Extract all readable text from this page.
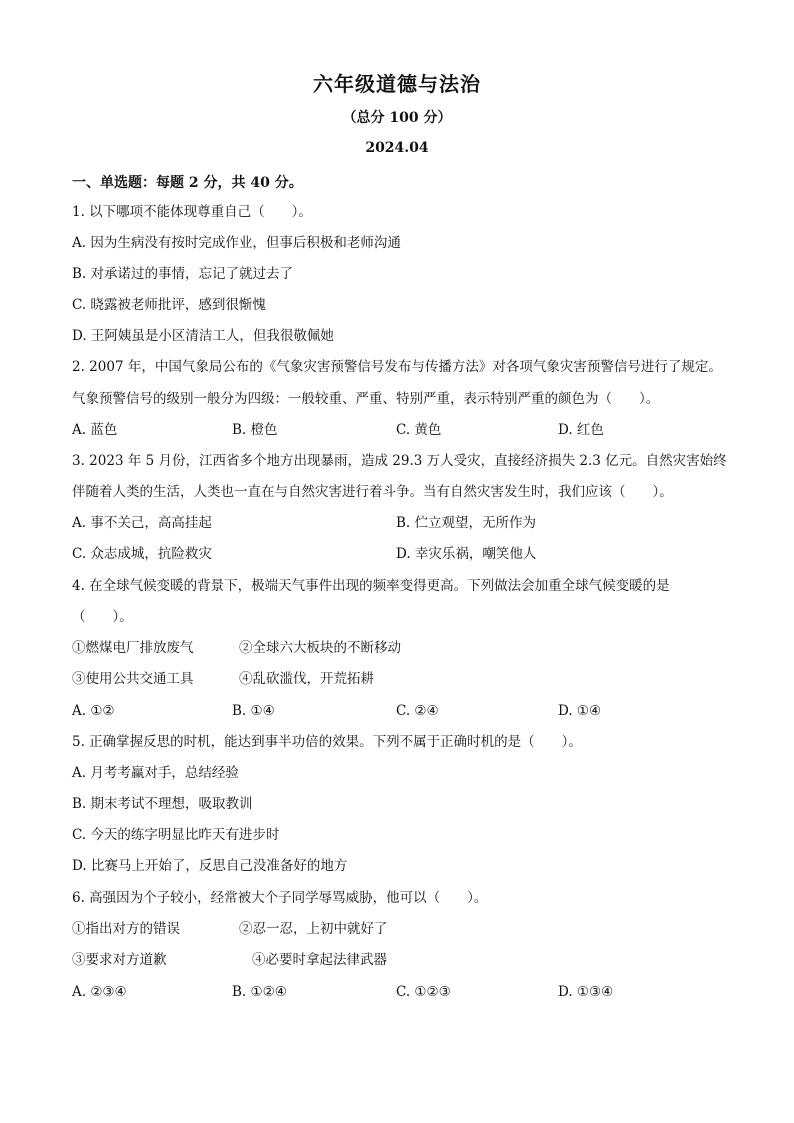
六年级道德与法治
（总分 100 分）
2024.04
一、单选题：每题 2 分，共 40 分。
1. 以下哪项不能体现尊重自己（　　）。
A. 因为生病没有按时完成作业，但事后积极和老师沟通
B. 对承诺过的事情，忘记了就过去了
C. 晓露被老师批评，感到很惭愧
D. 王阿姨虽是小区清洁工人，但我很敬佩她
2. 2007 年，中国气象局公布的《气象灾害预警信号发布与传播方法》对各项气象灾害预警信号进行了规定。
气象预警信号的级别一般分为四级：一般较重、严重、特别严重，表示特别严重的颜色为（　　）。
A. 蓝色	B. 橙色	C. 黄色	D. 红色
3. 2023 年 5 月份，江西省多个地方出现暴雨，造成 29.3 万人受灾，直接经济损失 2.3 亿元。自然灾害始终
伴随着人类的生活，人类也一直在与自然灾害进行着斗争。当有自然灾害发生时，我们应该（　　）。
A. 事不关己，高高挂起	B. 伫立观望，无所作为
C. 众志成城，抗险救灾	D. 幸灾乐祸，嘲笑他人
4. 在全球气候变暖的背景下，极端天气事件出现的频率变得更高。下列做法会加重全球气候变暖的是
（　　）。
①燃煤电厂排放废气	②全球六大板块的不断移动
③使用公共交通工具	④乱砍滥伐，开荒拓耕
A. ①②	B. ①④	C. ②④	D. ①④
5. 正确掌握反思的时机，能达到事半功倍的效果。下列不属于正确时机的是（　　）。
A. 月考考赢对手，总结经验
B. 期末考试不理想，吸取教训
C. 今天的练字明显比昨天有进步时
D. 比赛马上开始了，反思自己没准备好的地方
6. 高强因为个子较小，经常被大个子同学辱骂威胁，他可以（　　）。
①指出对方的错误	②忍一忍，上初中就好了
③要求对方道歉	④必要时拿起法律武器
A. ②③④	B. ①②④	C. ①②③	D. ①③④
